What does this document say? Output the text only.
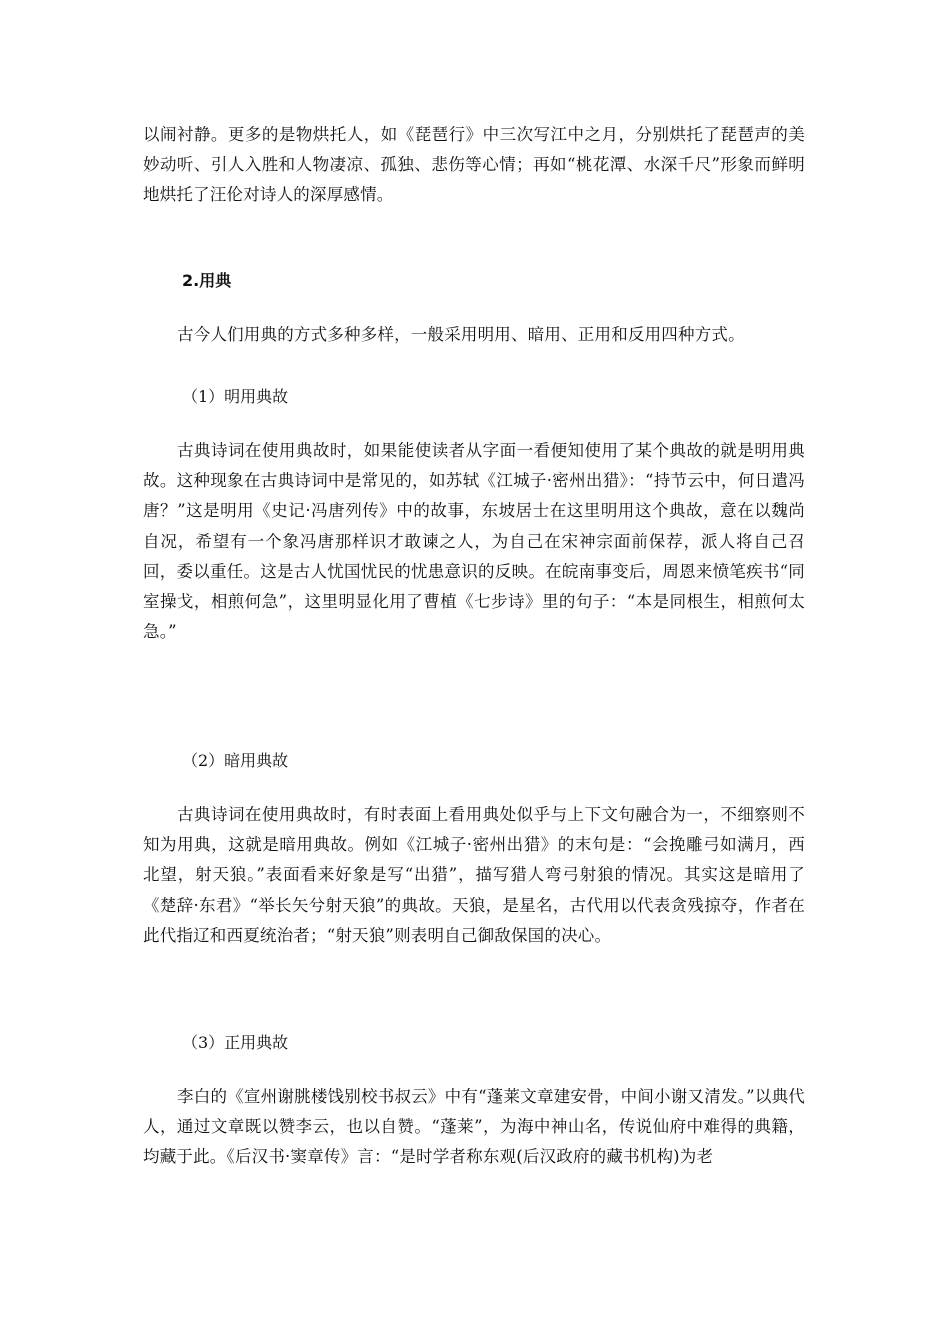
以闹衬静。更多的是物烘托人，如《琵琶行》中三次写江中之月，分别烘托了琵琶声的美妙动听、引人入胜和人物凄凉、孤独、悲伤等心情；再如“桃花潭、水深千尺”形象而鲜明地烘托了汪伦对诗人的深厚感情。

2.用典

古今人们用典的方式多种多样，一般采用明用、暗用、正用和反用四种方式。

（1）明用典故

古典诗词在使用典故时，如果能使读者从字面一看便知使用了某个典故的就是明用典故。这种现象在古典诗词中是常见的，如苏轼《江城子·密州出猎》：“持节云中，何日遣冯唐？”这是明用《史记·冯唐列传》中的故事，东坡居士在这里明用这个典故，意在以魏尚自况，希望有一个象冯唐那样识才敢谏之人，为自己在宋神宗面前保荐，派人将自己召回，委以重任。这是古人忧国忧民的忧患意识的反映。在皖南事变后，周恩来愤笔疾书“同室操戈，相煎何急”，这里明显化用了曹植《七步诗》里的句子：“本是同根生，相煎何太急。”

（2）暗用典故

古典诗词在使用典故时，有时表面上看用典处似乎与上下文句融合为一，不细察则不知为用典，这就是暗用典故。例如《江城子·密州出猎》的末句是：“会挽雕弓如满月，西北望，射天狼。”表面看来好象是写“出猎”，描写猎人弯弓射狼的情况。其实这是暗用了《楚辞·东君》“举长矢兮射天狼”的典故。天狼，是星名，古代用以代表贪残掠夺，作者在此代指辽和西夏统治者；“射天狼”则表明自己御敌保国的决心。

（3）正用典故

李白的《宣州谢朓楼饯别校书叔云》中有“蓬莱文章建安骨，中间小谢又清发。”以典代人，通过文章既以赞李云，也以自赞。“蓬莱”，为海中神山名，传说仙府中难得的典籍，均藏于此。《后汉书·窦章传》言：“是时学者称东观(后汉政府的藏书机构)为老
